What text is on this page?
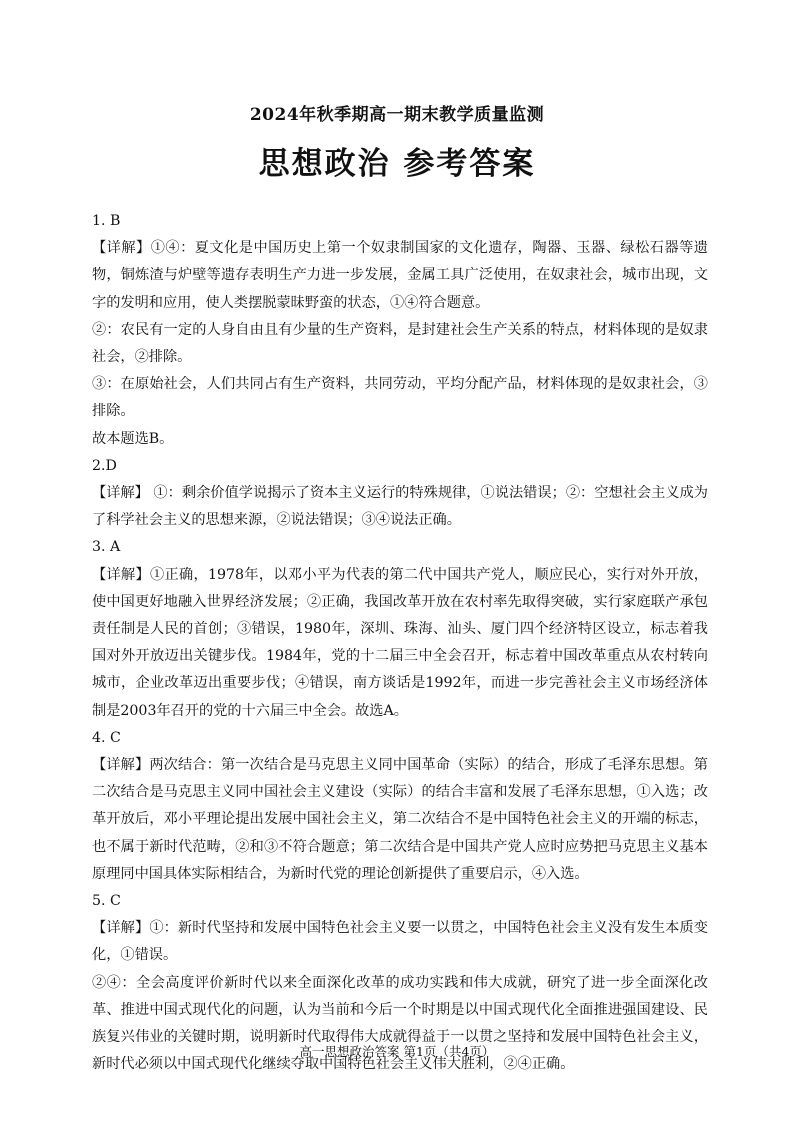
2024年秋季期高一期末教学质量监测
思想政治 参考答案

1. B

【详解】①④：夏文化是中国历史上第一个奴隶制国家的文化遗存，陶器、玉器、绿松石器等遗物，铜炼渣与炉壁等遗存表明生产力进一步发展，金属工具广泛使用，在奴隶社会，城市出现，文字的发明和应用，使人类摆脱蒙昧野蛮的状态，①④符合题意。

②：农民有一定的人身自由且有少量的生产资料，是封建社会生产关系的特点，材料体现的是奴隶社会，②排除。

③：在原始社会，人们共同占有生产资料，共同劳动，平均分配产品，材料体现的是奴隶社会，③排除。

故本题选B。

2.D

【详解】 ①：剩余价值学说揭示了资本主义运行的特殊规律，①说法错误；②：空想社会主义成为了科学社会主义的思想来源，②说法错误；③④说法正确。

3. A

【详解】①正确，1978年，以邓小平为代表的第二代中国共产党人，顺应民心，实行对外开放，使中国更好地融入世界经济发展；②正确，我国改革开放在农村率先取得突破，实行家庭联产承包责任制是人民的首创；③错误，1980年，深圳、珠海、汕头、厦门四个经济特区设立，标志着我国对外开放迈出关键步伐。1984年，党的十二届三中全会召开，标志着中国改革重点从农村转向城市，企业改革迈出重要步伐；④错误，南方谈话是1992年，而进一步完善社会主义市场经济体制是2003年召开的党的十六届三中全会。故选A。

4. C

【详解】两次结合：第一次结合是马克思主义同中国革命（实际）的结合，形成了毛泽东思想。第二次结合是马克思主义同中国社会主义建设（实际）的结合丰富和发展了毛泽东思想，①入选；改革开放后，邓小平理论提出发展中国社会主义，第二次结合不是中国特色社会主义的开端的标志，也不属于新时代范畴，②和③不符合题意；第二次结合是中国共产党人应时应势把马克思主义基本原理同中国具体实际相结合，为新时代党的理论创新提供了重要启示，④入选。

5. C

【详解】①：新时代坚持和发展中国特色社会主义要一以贯之，中国特色社会主义没有发生本质变化，①错误。

②④：全会高度评价新时代以来全面深化改革的成功实践和伟大成就，研究了进一步全面深化改革、推进中国式现代化的问题，认为当前和今后一个时期是以中国式现代化全面推进强国建设、民族复兴伟业的关键时期，说明新时代取得伟大成就得益于一以贯之坚持和发展中国特色社会主义，新时代必须以中国式现代化继续夺取中国特色社会主义伟大胜利，②④正确。

高一思想政治答案 第1页（共4页）
